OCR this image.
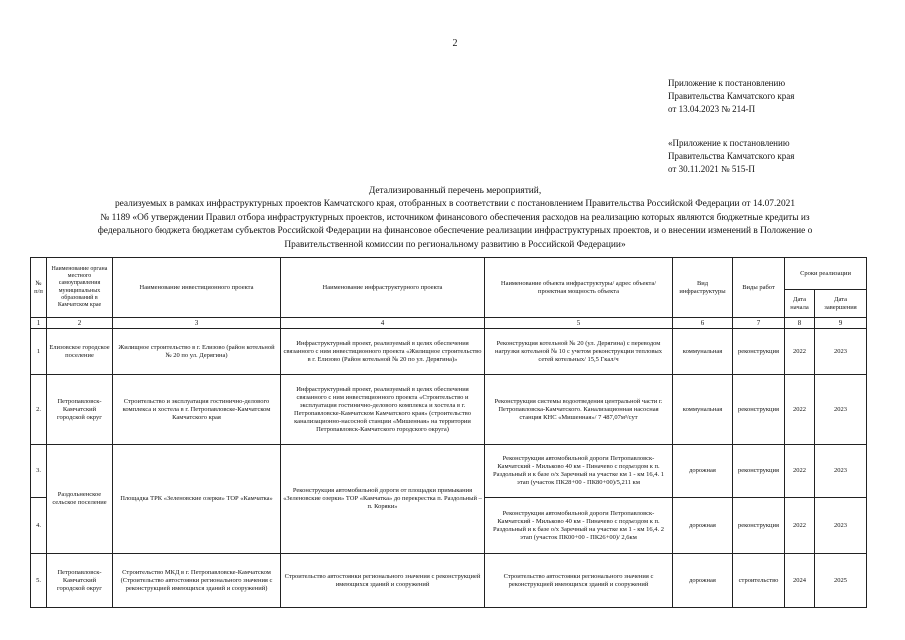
2
Приложение к постановлению
Правительства Камчатского края
от 13.04.2023 № 214-П
«Приложение к постановлению
Правительства Камчатского края
от 30.11.2021 № 515-П
Детализированный перечень мероприятий,
реализуемых в рамках инфраструктурных проектов Камчатского края, отобранных в соответствии с постановлением Правительства Российской Федерации от 14.07.2021
№ 1189 «Об утверждении Правил отбора инфраструктурных проектов, источником финансового обеспечения расходов на реализацию которых являются бюджетные кредиты из
федерального бюджета бюджетам субъектов Российской Федерации на финансовое обеспечение реализации инфраструктурных проектов, и о внесении изменений в Положение о
Правительственной комиссии по региональному развитию в Российской Федерации»
№ п/п	Наименование органа местного самоуправления муниципальных образований в Камчатском крае	Наименование инвестиционного проекта	Наименование инфраструктурного проекта	Наименование объекта инфраструктуры/ адрес объекта/ проектная мощность объекта	Вид инфраструктуры	Виды работ	Сроки реализации	
							Дата начала	Дата завершения
1	2	3	4	5	6	7	8	9
1	Елизовское городское поселение	Жилищное строительство в г. Елизово (район котельной № 20 по ул. Дерягина)	Инфраструктурный проект, реализуемый в целях обеспечения связанного с ним инвестиционного проекта «Жилищное строительство в г. Елизово (Район котельной № 20 по ул. Дерягина)»	Реконструкция котельной № 20 (ул. Дерягина) с переводом нагрузки котельной № 10 с учетом реконструкции тепловых сетей котельных/ 15,5 Гкал/ч	коммунальная	реконструкция	2022	2023
2.	Петропавловск-Камчатский городской округ	Строительство и эксплуатация гостинично-делового комплекса и хостела в г. Петропавловске-Камчатском Камчатского края	Инфраструктурный проект, реализуемый в целях обеспечения связанного с ним инвестиционного проекта «Строительство и эксплуатация гостинично-делового комплекса и хостела в г. Петропавловске-Камчатском Камчатского края» (строительство канализационно-насосной станции «Мишенная» на территории Петропавловск-Камчатского городского округа)	Реконструкция системы водоотведения центральной части г. Петропавловска-Камчатского. Канализационная насосная станция КНС «Мишенная»/ 7 487,07м³/сут	коммунальная	реконструкция	2022	2023
3.	Раздольненское сельское поселение	Площадка ТРК «Зеленовские озерки» ТОР «Камчатка»	Реконструкция автомобильной дороги от площадки примыкания «Зеленовские озерки» ТОР «Камчатка» до перекрестка п. Раздольный – п. Коряки»	Реконструкция автомобильной дороги Петропавловск-Камчатский - Мильково 40 км - Пиначево с подъездом к п. Раздольный и к базе о/х Заречный на участке км 1 - км 16,4. 1 этап (участок ПК28+00 - ПК80+00)/5,211 км	дорожная	реконструкция	2022	2023
4.				Реконструкция автомобильной дороги Петропавловск-Камчатский - Мильково 40 км - Пиначево с подъездом к п. Раздольный и к базе о/х Заречный на участке км 1 - км 16,4. 2 этап (участок ПК00+00 - ПК26+00)/ 2,6км	дорожная	реконструкция	2022	2023
5.	Петропавловск-Камчатский городской округ	Строительство МКД в г. Петропавловске-Камчатском (Строительство автостоянки регионального значения с реконструкцией имеющихся зданий и сооружений)	Строительство автостоянки регионального значения с реконструкцией имеющихся зданий и сооружений	Строительство автостоянки регионального значения с реконструкцией имеющихся зданий и сооружений	дорожная	строительство	2024	2025
